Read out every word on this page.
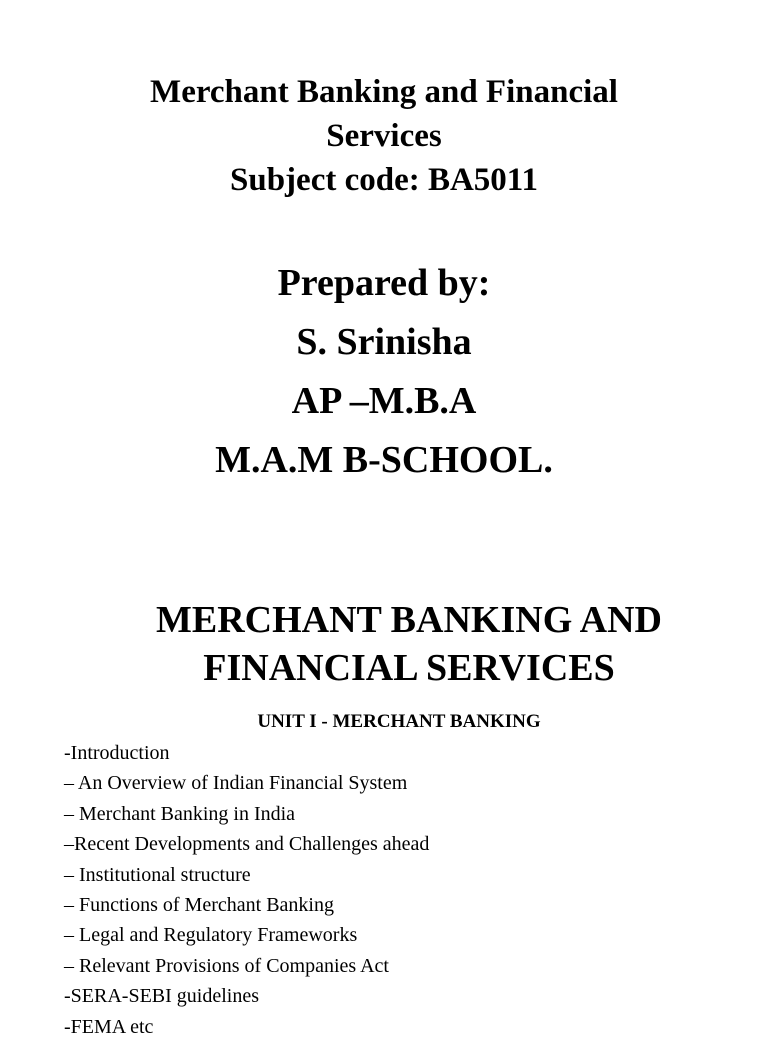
Merchant Banking and Financial
Services
Subject code: BA5011
Prepared by:
S. Srinisha
AP –M.B.A
M.A.M B-SCHOOL.
MERCHANT BANKING AND
FINANCIAL SERVICES
UNIT I - MERCHANT BANKING
-Introduction
– An Overview of Indian Financial System
– Merchant Banking in India
–Recent Developments and Challenges ahead
– Institutional structure
– Functions of Merchant Banking
– Legal and Regulatory Frameworks
– Relevant Provisions of Companies Act
-SERA-SEBI guidelines
-FEMA etc
